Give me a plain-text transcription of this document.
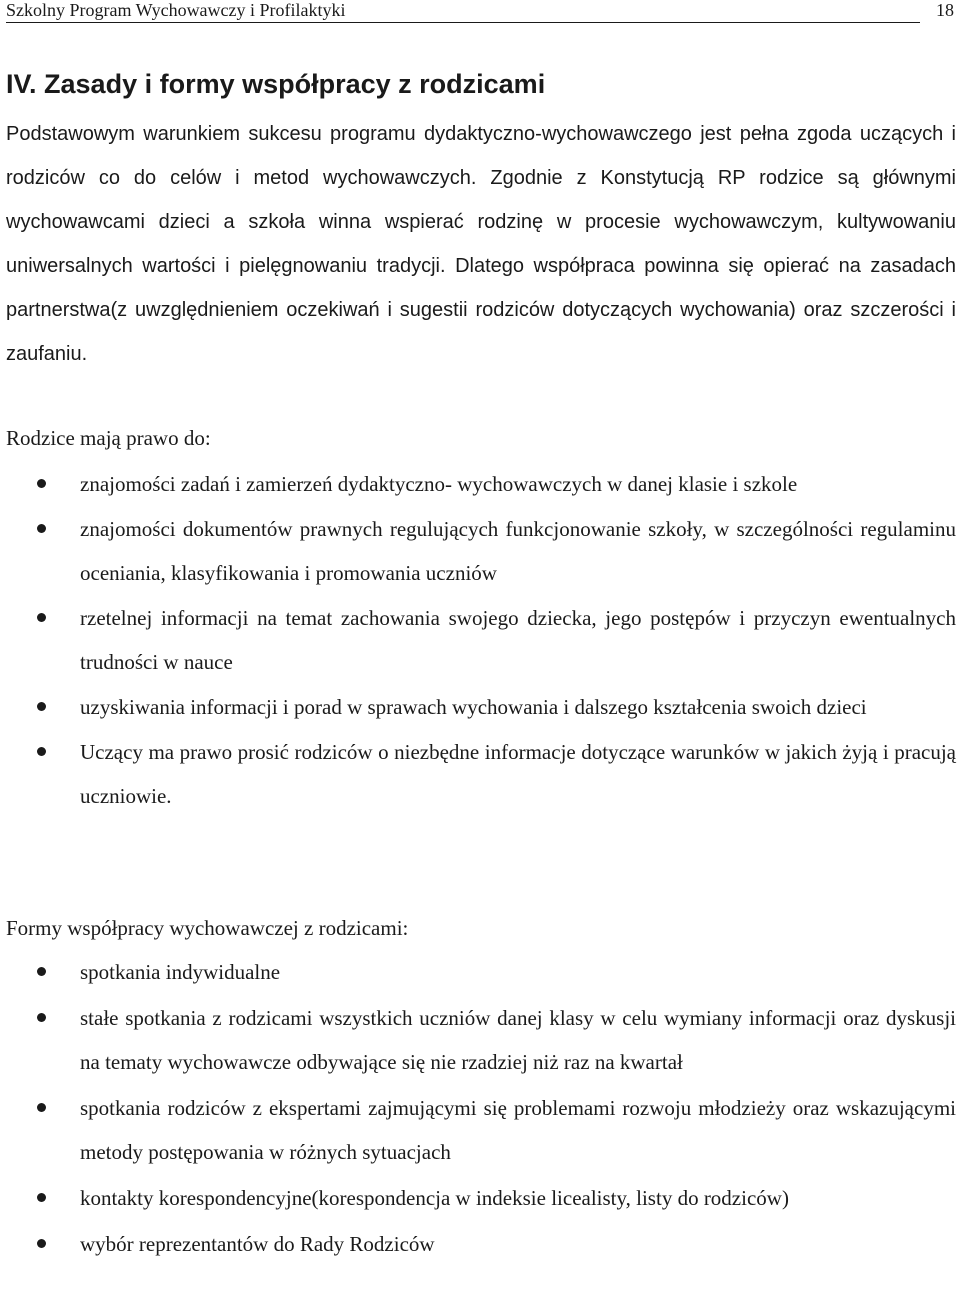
Szkolny Program Wychowawczy i Profilaktyki	18
IV. Zasady i formy współpracy z rodzicami

Podstawowym warunkiem sukcesu programu dydaktyczno-wychowawczego jest pełna zgoda uczących i rodziców co do celów i metod wychowawczych. Zgodnie z Konstytucją RP rodzice są głównymi wychowawcami dzieci a szkoła winna wspierać rodzinę w procesie wychowawczym, kultywowaniu uniwersalnych wartości i pielęgnowaniu tradycji. Dlatego współpraca powinna się opierać na zasadach partnerstwa(z uwzględnieniem oczekiwań i sugestii rodziców dotyczących wychowania) oraz szczerości i zaufaniu.

Rodzice mają prawo do:

znajomości zadań i zamierzeń dydaktyczno- wychowawczych w danej klasie i szkole
znajomości dokumentów prawnych regulujących funkcjonowanie szkoły, w szczególności regulaminu oceniania, klasyfikowania i promowania uczniów
rzetelnej informacji na temat zachowania swojego dziecka, jego postępów i przyczyn ewentualnych trudności w nauce
uzyskiwania informacji i porad w sprawach wychowania i dalszego kształcenia swoich dzieci
Uczący ma prawo prosić rodziców o niezbędne informacje dotyczące warunków w jakich żyją i pracują uczniowie.

Formy współpracy wychowawczej z rodzicami:

spotkania indywidualne
stałe spotkania z rodzicami wszystkich uczniów danej klasy w celu wymiany informacji oraz dyskusji na tematy wychowawcze odbywające się nie rzadziej niż raz na kwartał
spotkania rodziców z ekspertami zajmującymi się problemami rozwoju młodzieży oraz wskazującymi metody postępowania w różnych sytuacjach
kontakty korespondencyjne(korespondencja w indeksie licealisty, listy do rodziców)
wybór reprezentantów do Rady Rodziców
